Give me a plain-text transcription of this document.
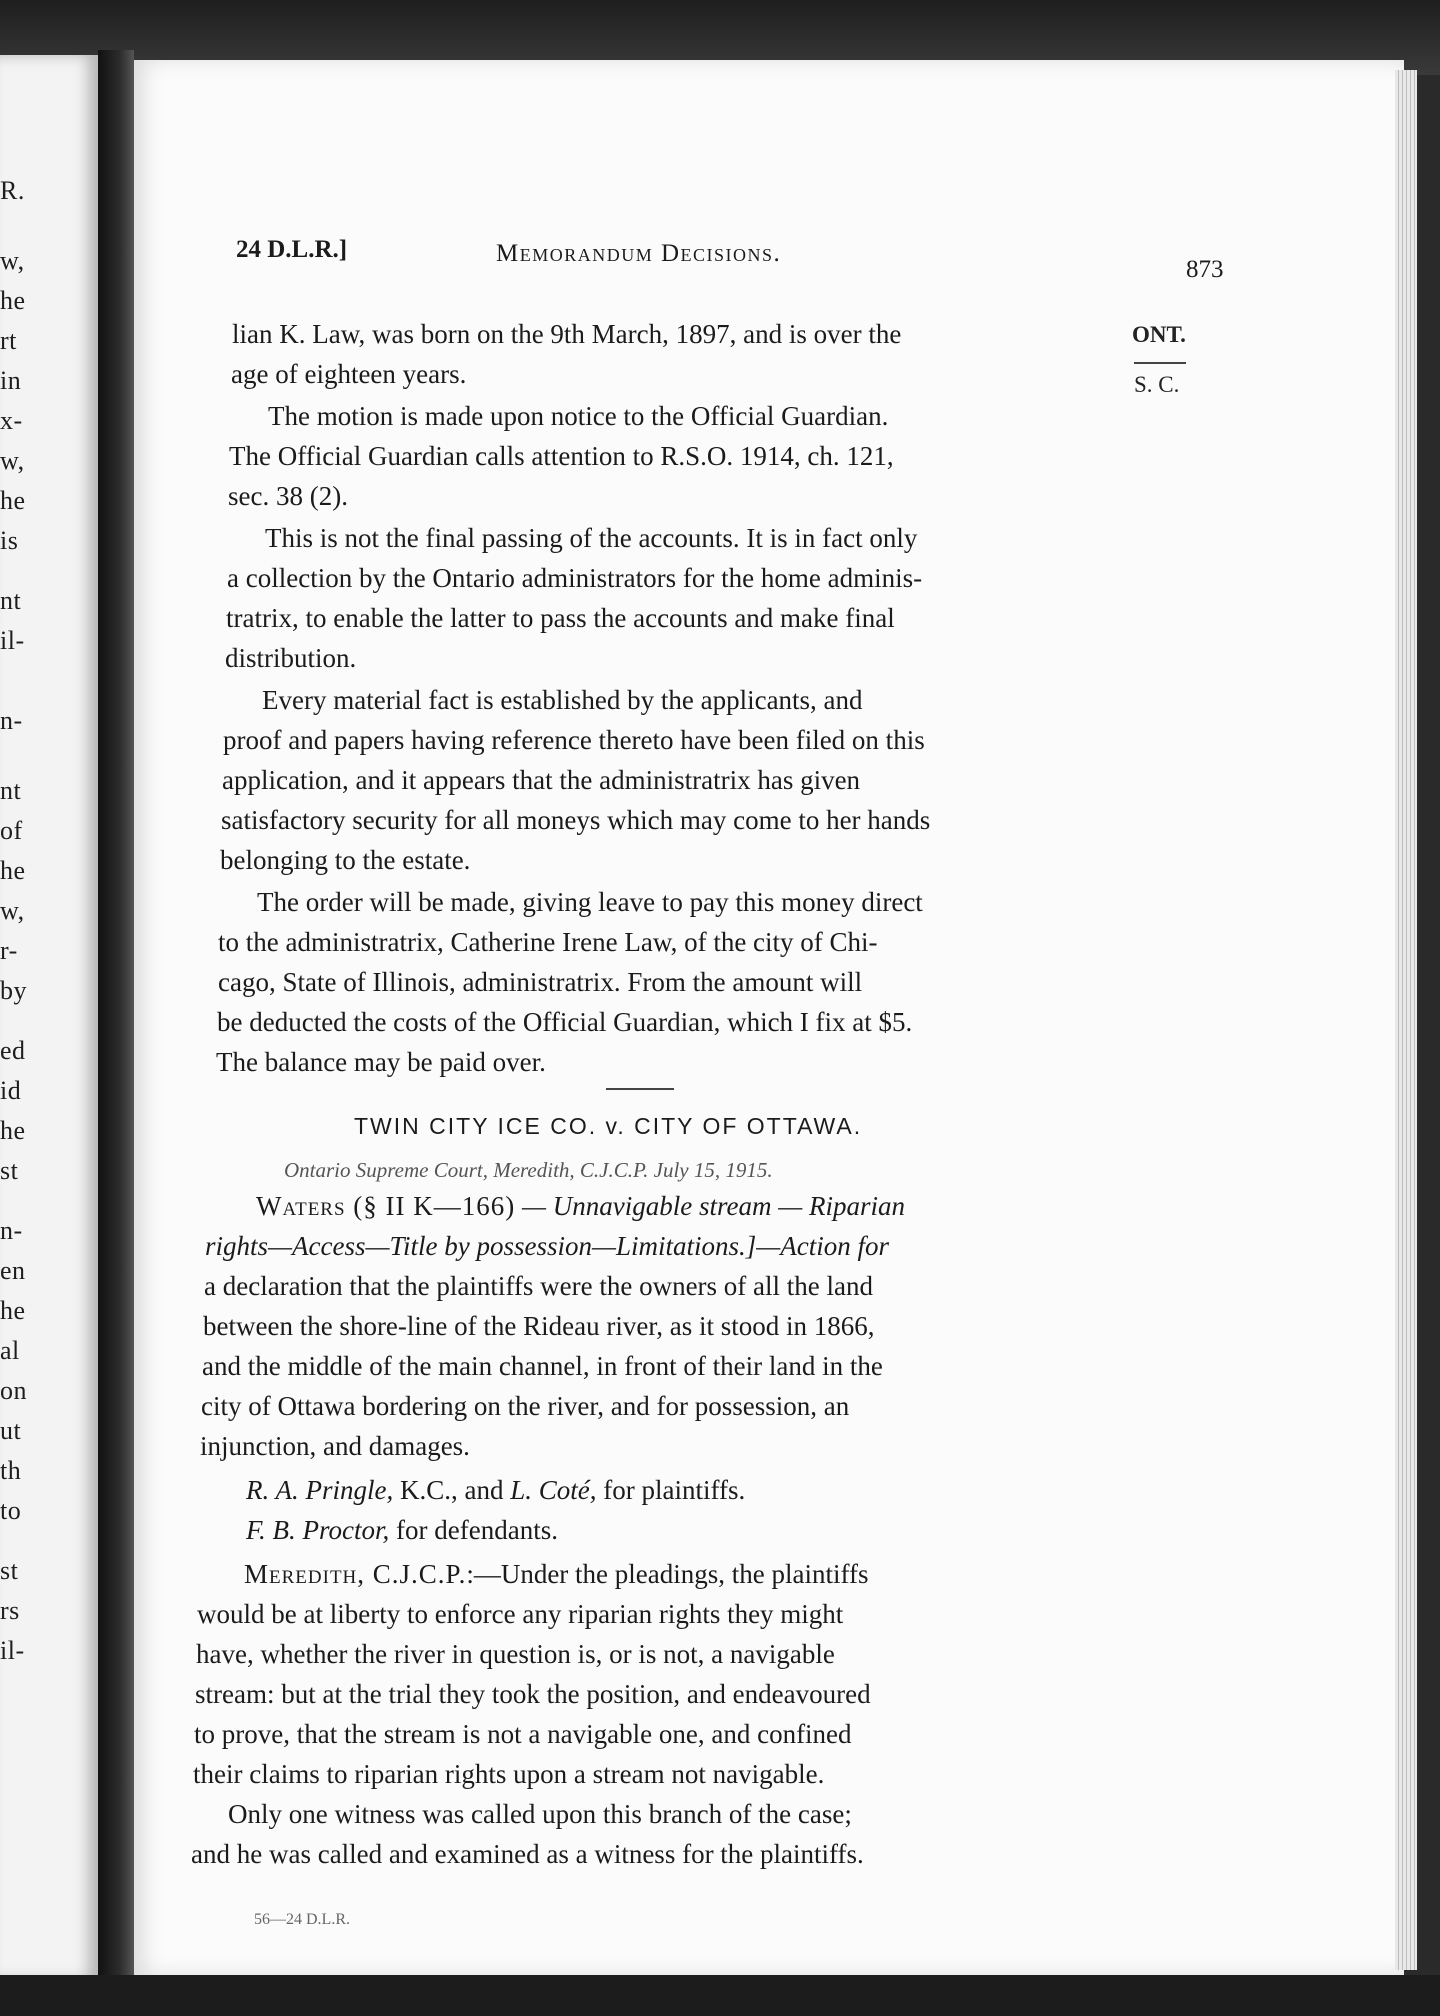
R.
w,
he
rt
in
x-
w,
he
is
nt
il-
n-
nt
of
he
w,
r-
by
ed
id
he
st
n-
en
he
al
on
ut
th
to
st
rs
il-
24 D.L.R.]	Memorandum Decisions.
873
ONT.
S. C.
lian K. Law, was born on the 9th March, 1897, and is over the
age of eighteen years.
The motion is made upon notice to the Official Guardian.
The Official Guardian calls attention to R.S.O. 1914, ch. 121,
sec. 38 (2).
This is not the final passing of the accounts. It is in fact only
a collection by the Ontario administrators for the home adminis-
tratrix, to enable the latter to pass the accounts and make final
distribution.
Every material fact is established by the applicants, and
proof and papers having reference thereto have been filed on this
application, and it appears that the administratrix has given
satisfactory security for all moneys which may come to her hands
belonging to the estate.
The order will be made, giving leave to pay this money direct
to the administratrix, Catherine Irene Law, of the city of Chi-
cago, State of Illinois, administratrix. From the amount will
be deducted the costs of the Official Guardian, which I fix at $5.
The balance may be paid over.
TWIN CITY ICE CO. v. CITY OF OTTAWA.
Ontario Supreme Court, Meredith, C.J.C.P. July 15, 1915.
Waters (§ II K—166) — Unnavigable stream — Riparian
rights—Access—Title by possession—Limitations.]—Action for
a declaration that the plaintiffs were the owners of all the land
between the shore-line of the Rideau river, as it stood in 1866,
and the middle of the main channel, in front of their land in the
city of Ottawa bordering on the river, and for possession, an
injunction, and damages.
R. A. Pringle, K.C., and L. Coté, for plaintiffs.
F. B. Proctor, for defendants.
Meredith, C.J.C.P.:—Under the pleadings, the plaintiffs
would be at liberty to enforce any riparian rights they might
have, whether the river in question is, or is not, a navigable
stream: but at the trial they took the position, and endeavoured
to prove, that the stream is not a navigable one, and confined
their claims to riparian rights upon a stream not navigable.
Only one witness was called upon this branch of the case;
and he was called and examined as a witness for the plaintiffs.
56—24 D.L.R.
